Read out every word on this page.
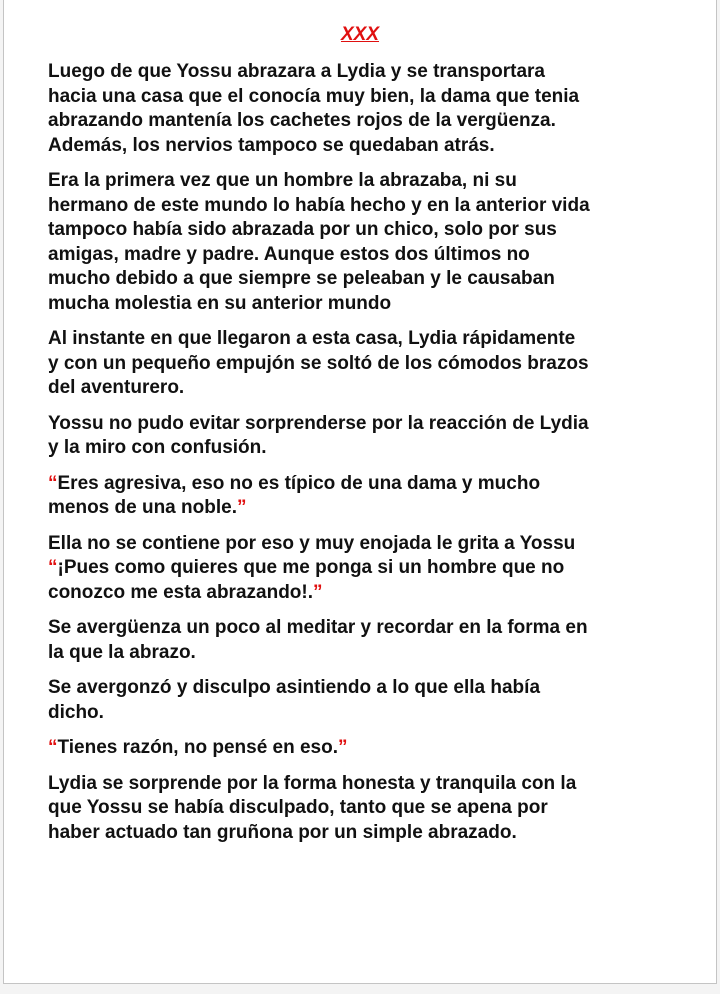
XXX
Luego de que Yossu abrazara a Lydia y se transportara
hacia una casa que el conocía muy bien, la dama que tenia
abrazando mantenía los cachetes rojos de la vergüenza.
Además, los nervios tampoco se quedaban atrás.
Era la primera vez que un hombre la abrazaba, ni su
hermano de este mundo lo había hecho y en la anterior vida
tampoco había sido abrazada por un chico, solo por sus
amigas, madre y padre. Aunque estos dos últimos no
mucho debido a que siempre se peleaban y le causaban
mucha molestia en su anterior mundo
Al instante en que llegaron a esta casa, Lydia rápidamente
y con un pequeño empujón se soltó de los cómodos brazos
del aventurero.
Yossu no pudo evitar sorprenderse por la reacción de Lydia
y la miro con confusión.
“Eres agresiva, eso no es típico de una dama y mucho
menos de una noble.”
Ella no se contiene por eso y muy enojada le grita a Yossu
“¡Pues como quieres que me ponga si un hombre que no
conozco me esta abrazando!.”
Se avergüenza un poco al meditar y recordar en la forma en
la que la abrazo.
Se avergonzó y disculpo asintiendo a lo que ella había
dicho.
“Tienes razón, no pensé en eso.”
Lydia se sorprende por la forma honesta y tranquila con la
que Yossu se había disculpado, tanto que se apena por
haber actuado tan gruñona por un simple abrazado.
